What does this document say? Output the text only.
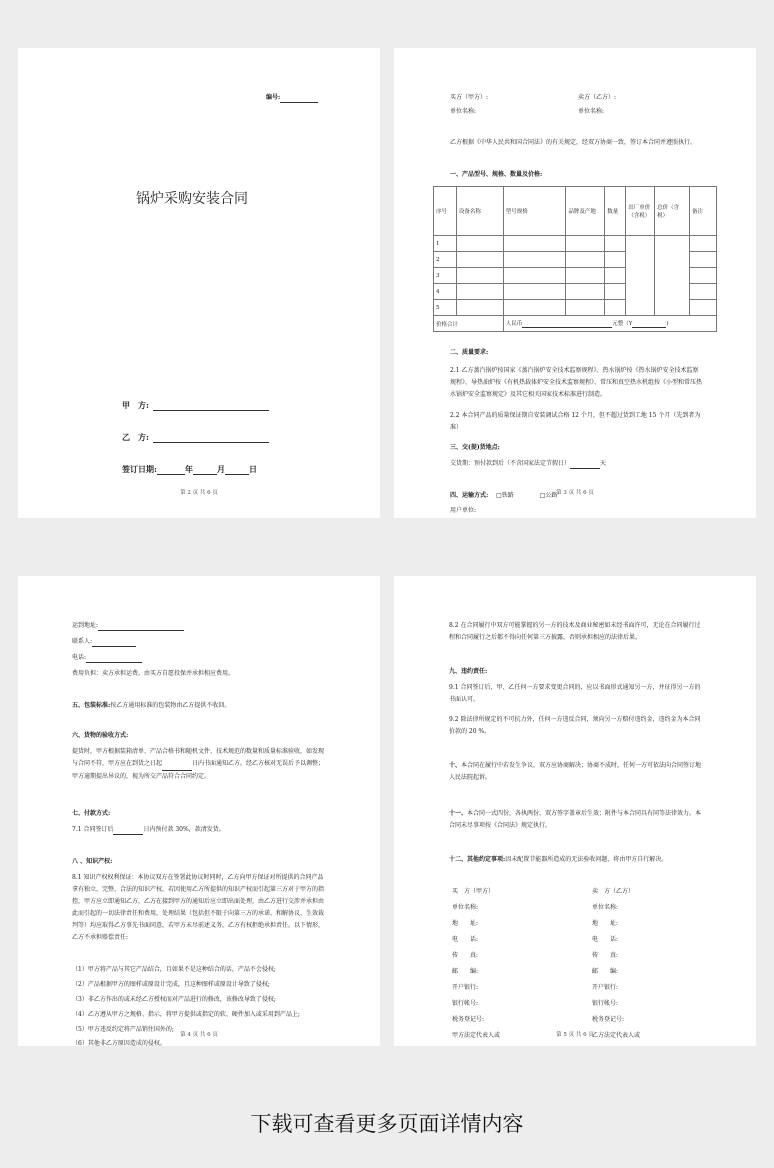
编号:
锅炉采购安装合同
甲　方:
乙　方:
签订日期:	年	月	日
第 2 页 共 6 页
买方（甲方）:	卖方（乙方）:
单位名称:	单位名称:
乙方根据《中华人民共和国合同法》的有关规定，经双方协商一致，签订本合同并遵照执行。
一、产品型号、规格、数量及价格:
序号	设备名称	型号规格	品牌及产地	数量	出厂单价（含税）	总价（含税）	备注
1							
2							
3							
4							
5							
价格合计		人民币 元整（Y )					
二、质量要求:
2.1 乙方蒸汽锅炉按国家《蒸汽锅炉安全技术监察规程》、热水锅炉按《热水锅炉安全技术监察规程》、导热油炉按《有机热载体炉安全技术监察规程》、常压和真空热水机组按《小型和常压热水锅炉安全监察规定》及其它相关国家技术标准进行制造。
2.2 本合同产品的质量保证期自安装调试合格 12 个月，但不超过货到工地 15 个月（先到者为准）
三、交(提)货地点:
交货期：预付款到后（不含国家法定节假日）	天
四、运输方式: □铁路	□公路
用户单位:
第 3 页 共 6 页
运到地址:
联系人:
电话:
费用负担：卖方承担运费，由买方自愿投保并承担相应费用。
五、包装标准:按乙方通用标准的包装物由乙方提供不收回。
六、货物的验收方式:
提货时，甲方根据装箱清单、产品合格书和随机文件、技术规范的数量和质量标准验收，如发现与合同不符，甲方应在到货之日起	日内书面通知乙方，经乙方核对无误后予以调整；甲方逾期提出异议的，视为所交产品符合合同约定。
七、付款方式:
7.1 合同签订后	日内预付款 30%，款清发货。
八 、知识产权:
8.1 知识产权权利保证：本协议双方在签署此协议时同时，乙方向甲方保证对所提供的合同产品拿有独立、完整、合法的知识产权，若因使用乙方所提供的知识产权而引起第三方对于甲方的指控，甲方应立即通知乙方，乙方在接到甲方的通知后应立即出面处理，由乙方进行交涉并承担由此而引起的一切法律责任和费用，处理结果（包括但不限于向第三方的承诺、和解协议、生效裁判等）均应取得乙方事先书面同意，若甲方未尽前述义务，乙方有权拒绝承担责任。以下情形，乙方不承担赔偿责任:
（1）甲方将产品与其它产品结合，且如果不是这种结合的话，产品不会侵权;
（2）产品根据甲方的图样或原设计完成，且这种图样或原设计导致了侵权;
（3）非乙方作出的或未经乙方授权而对产品进行的修改，该修改导致了侵权;
（4）乙方遵从甲方之规格、指示，将甲方提供或指定的软、硬件加入或采用到产品上;
（5）甲方违反约定将产品销往国外的;
（6）其他非乙方原因造成的侵权。
第 4 页 共 6 页
8.2 在合同履行中双方可能掌握的另一方的技术及商业秘密如未经书面许可，无论在合同履行过程和合同履行之后都不得向任何第三方披露，否则承担相应的法律后果。
九、违约责任:
9.1 合同签订后，甲、乙任何一方要求变更合同的，应以书面形式通知另一方，并征得另一方的书面认可。
9.2 除法律所规定的不可抗力外，任何一方违反合同，须向另一方赔付违约金，违约金为本合同价款的 20 %。
十、本合同在履行中若发生争议，双方应协商解决；协商不成时，任何一方可依法向合同签订地人民法院起诉。
十一、本合同一式四份，各执两份，双方签字盖章后生效；附件与本合同具有同等法律效力。本合同未尽事项按《合同法》规定执行。
十二、其他约定事项:因未配置节能器所造成的无法验收问题，将由甲方自行解决。
买　方（甲方）	卖　方（乙方）
单位名称:	单位名称:
地　　址:	地　　址:
电　　话:	电　　话:
传　　真:	传　　真:
邮　　编:	邮　　编:
开户银行:	开户银行:
银行帐号:	银行帐号:
税务登记号:	税务登记号:
甲方法定代表人或	乙方法定代表人或
第 5 页 共 6 页
下载可查看更多页面详情内容
